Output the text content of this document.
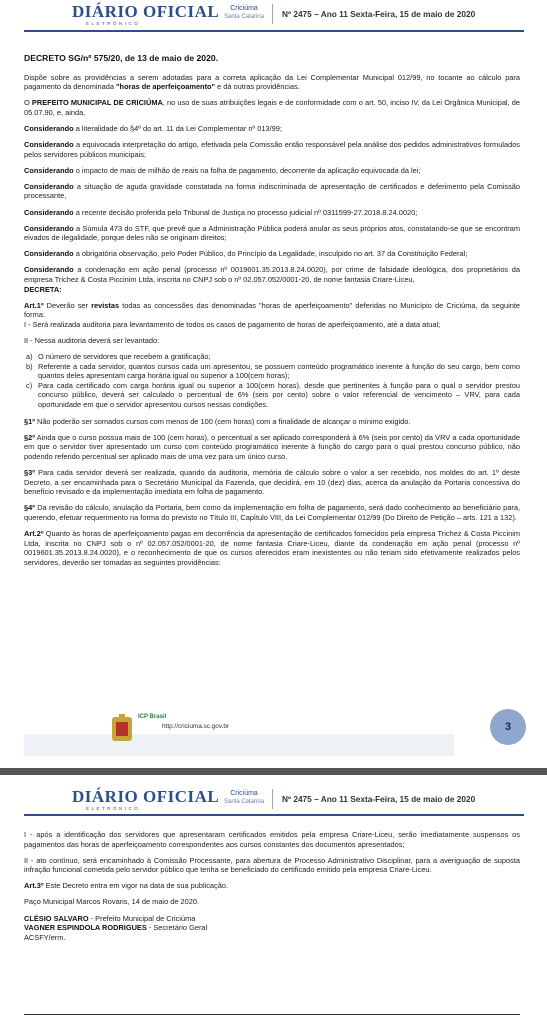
DIÁRIO OFICIAL
ELETRÔNICO
Criciúma
Santa Catarina Nº 2475 – Ano 11 Sexta-Feira, 15 de maio de 2020

DECRETO SG/nº 575/20, de 13 de maio de 2020.

Dispõe sobre as providências a serem adotadas para a correta aplicação da Lei Complementar Municipal 012/99, no tocante ao cálculo para pagamento da denominada "horas de aperfeiçoamento" e dá outras providências.

O PREFEITO MUNICIPAL DE CRICIÚMA, no uso de suas atribuições legais e de conformidade com o art. 50, inciso IV, da Lei Orgânica Municipal, de 05.07.90, e, ainda,

Considerando a literalidade do §4º do art. 11 da Lei Complementar nº 013/99;

Considerando a equivocada interpretação do artigo, efetivada pela Comissão então responsável pela análise dos pedidos administrativos formulados pelos servidores públicos municipais;

Considerando o impacto de mais de milhão de reais na folha de pagamento, decorrente da aplicação equivocada da lei;

Considerando a situação de aguda gravidade constatada na forma indiscriminada de apresentação de certificados e deferimento pela Comissão processante,

Considerando a recente decisão proferida pelo Tribunal de Justiça no processo judicial nº 0311599-27.2018.8.24.0020;

Considerando a Súmula 473 do STF, que prevê que a Administração Pública poderá anular os seus próprios atos, constatando-se que se encontram eivados de ilegalidade, porque deles não se originam direitos;

Considerando a obrigatória observação, pelo Poder Público, do Princípio da Legalidade, insculpido no art. 37 da Constituição Federal;

Considerando a condenação em ação penal (processo nº 0019601.35.2013.8.24.0020), por crime de falsidade ideológica, dos proprietários da empresa Trichez & Costa Piccinim Ltda, inscrita no CNPJ sob o nº 02.057.052/0001-20, de nome fantasia Criare-Liceu,

DECRETA:

Art.1º Deverão ser revistas todas as concessões das denominadas "horas de aperfeiçoamento" deferidas no Município de Criciúma, da seguinte forma:

I - Será realizada auditoria para levantamento de todos os casos de pagamento de horas de aperfeiçoamento, até a data atual;

II - Nessa auditoria deverá ser levantado:

a) O número de servidores que recebem a gratificação;
b) Referente a cada servidor, quantos cursos cada um apresentou, se possuem conteúdo programático inerente à função do seu cargo, bem como quantos deles apresentam carga horária igual ou superior a 100(cem horas);
c) Para cada certificado com carga horária igual ou superior a 100(cem horas), desde que pertinentes à função para o qual o servidor prestou concurso público, deverá ser calculado o percentual de 6% (seis por cento) sobre o valor referencial de vencimento – VRV, para cada oportunidade em que o servidor apresentou cursos nessas condições.

§1º Não poderão ser somados cursos com menos de 100 (cem horas) com a finalidade de alcançar o mínimo exigido.

§2º Ainda que o curso possua mais de 100 (cem horas), o percentual a ser aplicado corresponderá à 6% (seis por cento) da VRV a cada oportunidade em que o servidor tiver apresentado um curso com conteúdo programático inerente à função do cargo para o qual prestou concurso público, não podendo referido percentual ser aplicado mais de uma vez para um único curso.

§3º Para cada servidor deverá ser realizada, quando da auditoria, memória de cálculo sobre o valor a ser recebido, nos moldes do art. 1º deste Decreto, a ser encaminhada para o Secretário Municipal da Fazenda, que decidirá, em 10 (dez) dias, acerca da anulação da Portaria concessiva do benefício revisado e da implementação imediata em folha de pagamento.

§4º Da revisão do cálculo, anulação da Portaria, bem como da implementação em folha de pagamento, será dado conhecimento ao beneficiário para, querendo, efetuar requerimento na forma do previsto no Título III, Capítulo VIII, da Lei Complementar 012/99 (Do Direito de Petição – arts. 121 a 132).

Art.2º Quanto às horas de aperfeiçoamento pagas em decorrência da apresentação de certificados fornecidos pela empresa Trichez & Costa Piccinim Ltda, inscrita no CNPJ sob o nº 02.057.052/0001-20, de nome fantasia Criare-Liceu, diante da condenação em ação penal (processo nº 0019601.35.2013.8.24.0020), e o reconhecimento de que os cursos oferecidos eram inexistentes ou não teriam sido efetivamente realizados pelos servidores, deverão ser tomadas as seguintes providências:

ICP Brasil
http://criciuma.sc.gov.br	3
DIÁRIO OFICIAL
ELETRÔNICO
Criciúma
Santa Catarina Nº 2475 – Ano 11 Sexta-Feira, 15 de maio de 2020

I - após a identificação dos servidores que apresentaram certificados emitidos pela empresa Criare-Liceu, serão imediatamente suspensos os pagamentos das horas de aperfeiçoamento correspondentes aos cursos constantes dos documentos apresentados;

II - ato contínuo, será encaminhado à Comissão Processante, para abertura de Processo Administrativo Disciplinar, para a averiguação de suposta infração funcional cometida pelo servidor público que tenha se beneficiado do certificado emitido pela empresa Criare-Liceu.

Art.3º Este Decreto entra em vigor na data de sua publicação.

Paço Municipal Marcos Rovaris, 14 de maio de 2020.

CLÉSIO SALVARO - Prefeito Municipal de Criciúma
VAGNER ESPINDOLA RODRIGUES - Secretário Geral
ACSFY/erm.
